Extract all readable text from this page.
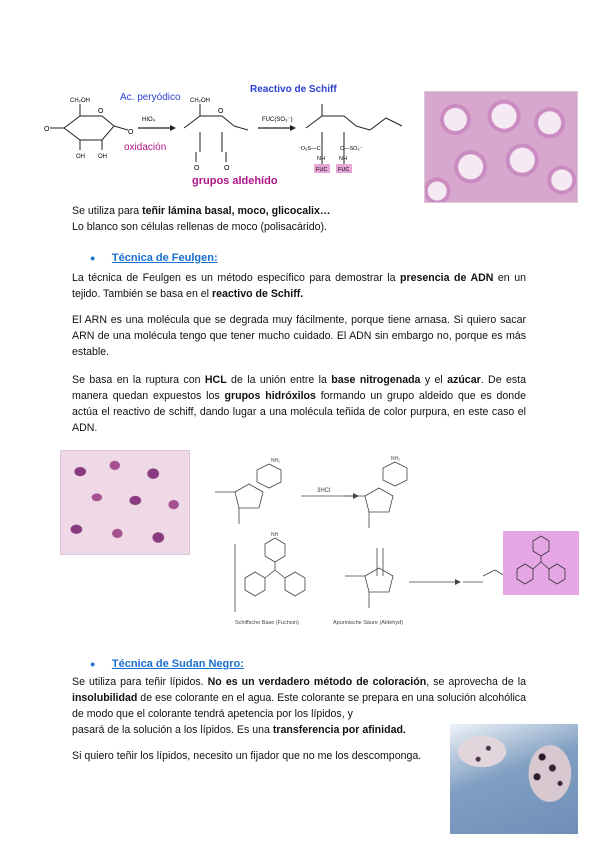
CH₂OH
O
OH OH
O	O
Ac. peryódico
HIO₄
oxidación
CH₂OH
O
O	O
grupos aldehído
Reactivo de Schiff
FUC(SO₃⁻)
⁻O₃S—C	C—SO₃⁻
NH	NH
FUC FUC
Se utiliza para teñir lámina basal, moco, glicocalix…
Lo blanco son células rellenas de moco (polisacárido).
● Técnica de Feulgen:
La técnica de Feulgen es un método específico para demostrar la presencia de ADN en un tejido. También se basa en el reactivo de Schiff.
El ARN es una molécula que se degrada muy fácilmente, porque tiene arnasa. Si quiero sacar ARN de una molécula tengo que tener mucho cuidado. El ADN sin embargo no, porque es más estable.
Se basa en la ruptura con HCL de la unión entre la base nitrogenada y el azúcar. De esta manera quedan expuestos los grupos hidróxilos formando un grupo aldeido que es donde actúa el reactivo de schiff, dando lugar a una molécula teñida de color purpura, en este caso el ADN.
3HCl
NH₂	NH₂
NH
Schiffsche Base (Fuchsin)	Apurinische Säure (Aldehyd)
● Técnica de Sudan Negro:
Se utiliza para teñir lípidos. No es un verdadero método de coloración, se aprovecha de la insolubilidad de ese colorante en el agua. Este colorante se prepara en una solución alcohólica de modo que el colorante tendrá apetencia por los lípidos, y
pasará de la solución a los lípidos. Es una transferencia por afinidad.
Si quiero teñir los lípidos, necesito un fijador que no me los descomponga.
